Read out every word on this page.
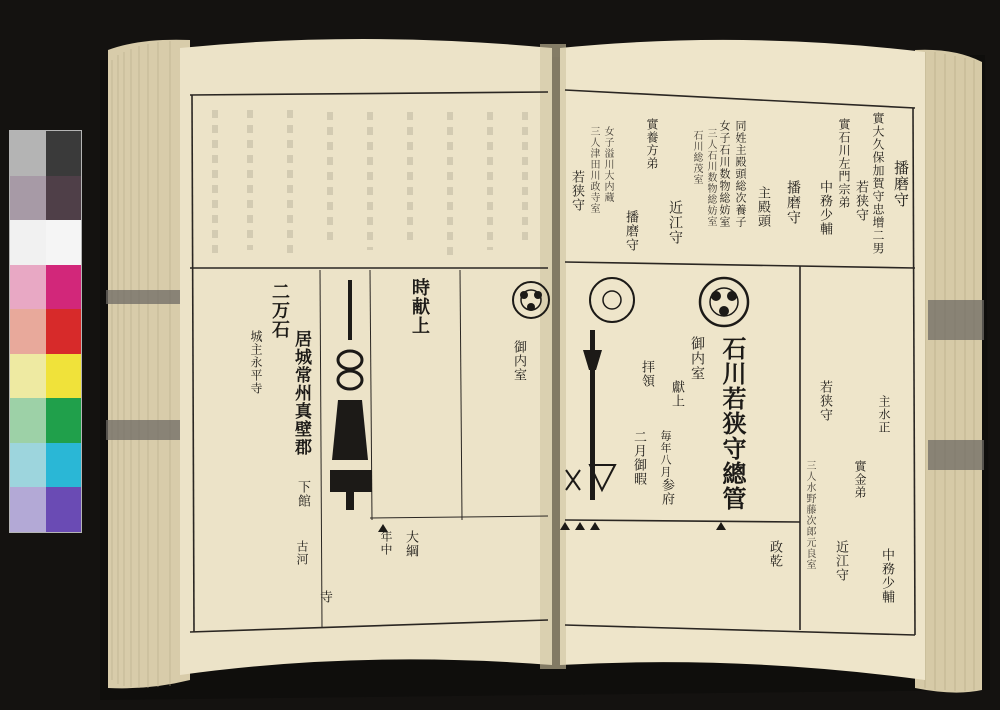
播磨守
實大久保加賀守忠增二男
若狭守
實石川左門宗弟
中務少輔
播磨守
主殿頭
同姓主殿頭総次養子
女子石川数物総妨室
三人石川数物総妨室
石川総茂室
實養方弟
近江守
播磨守
女子溢川大内蔵
三人津田川政寺室
若狭守
石川若狭守總管
御内室
拝領
獻上
毎年八月
二月御暇
参府
主水正
近江守 中務少輔
政乾
實金弟
若狭守
三人水野藤次郎元良室
二万石
居城常州真壁郡
下館
城主永平寺
時献上
御内室
大綱
年中
古河
寺
